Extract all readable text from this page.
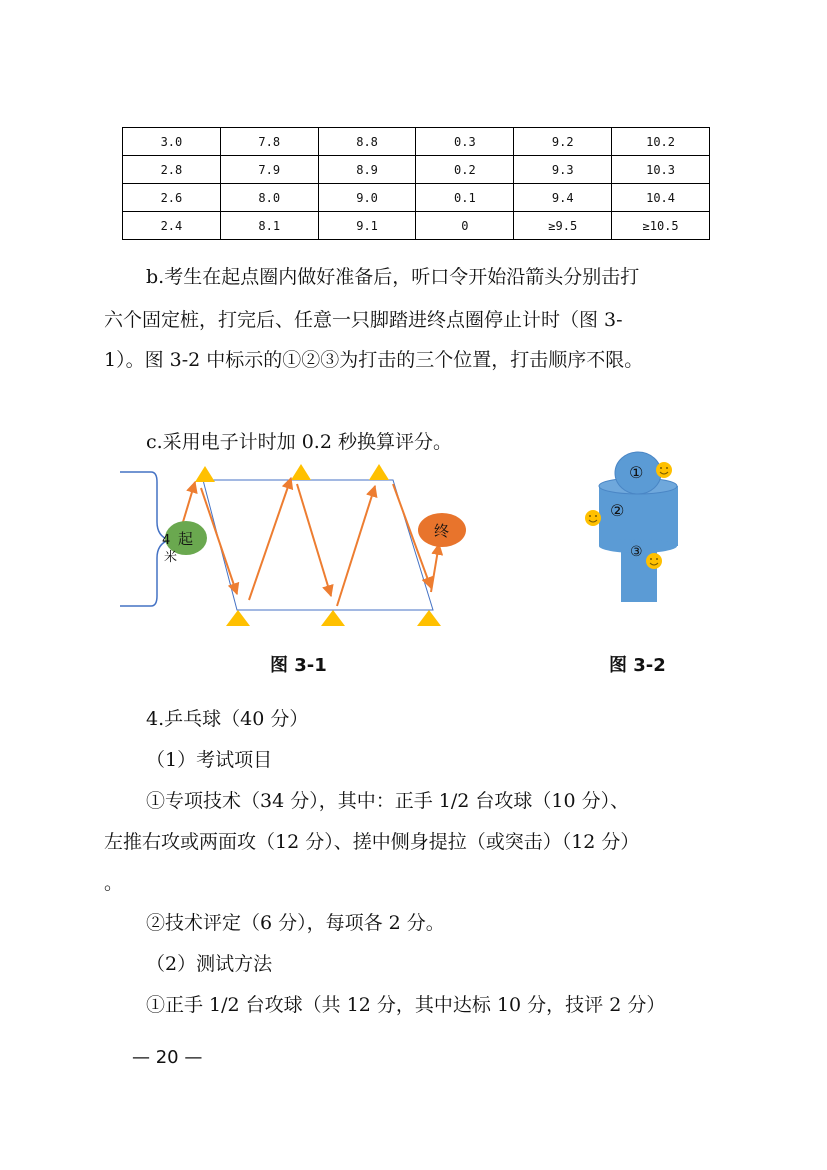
3.0	7.8	8.8	0.3	9.2	10.2
2.8	7.9	8.9	0.2	9.3	10.3
2.6	8.0	9.0	0.1	9.4	10.4
2.4	8.1	9.1	0	≥9.5	≥10.5

b.考生在起点圈内做好准备后，听口令开始沿箭头分别击打

六个固定桩，打完后、任意一只脚踏进终点圈停止计时（图 3-

1）。图 3-2 中标示的①②③为打击的三个位置，打击顺序不限。

c.采用电子计时加 0.2 秒换算评分。

起
4
米
终
①
②
③
图 3-1	图 3-2

4.乒乓球（40 分）

（1）考试项目

①专项技术（34 分），其中：正手 1/2 台攻球（10 分）、

左推右攻或两面攻（12 分）、搓中侧身提拉（或突击）（12 分）

。

②技术评定（6 分），每项各 2 分。

（2）测试方法

①正手 1/2 台攻球（共 12 分，其中达标 10 分，技评 2 分）

— 20 —
